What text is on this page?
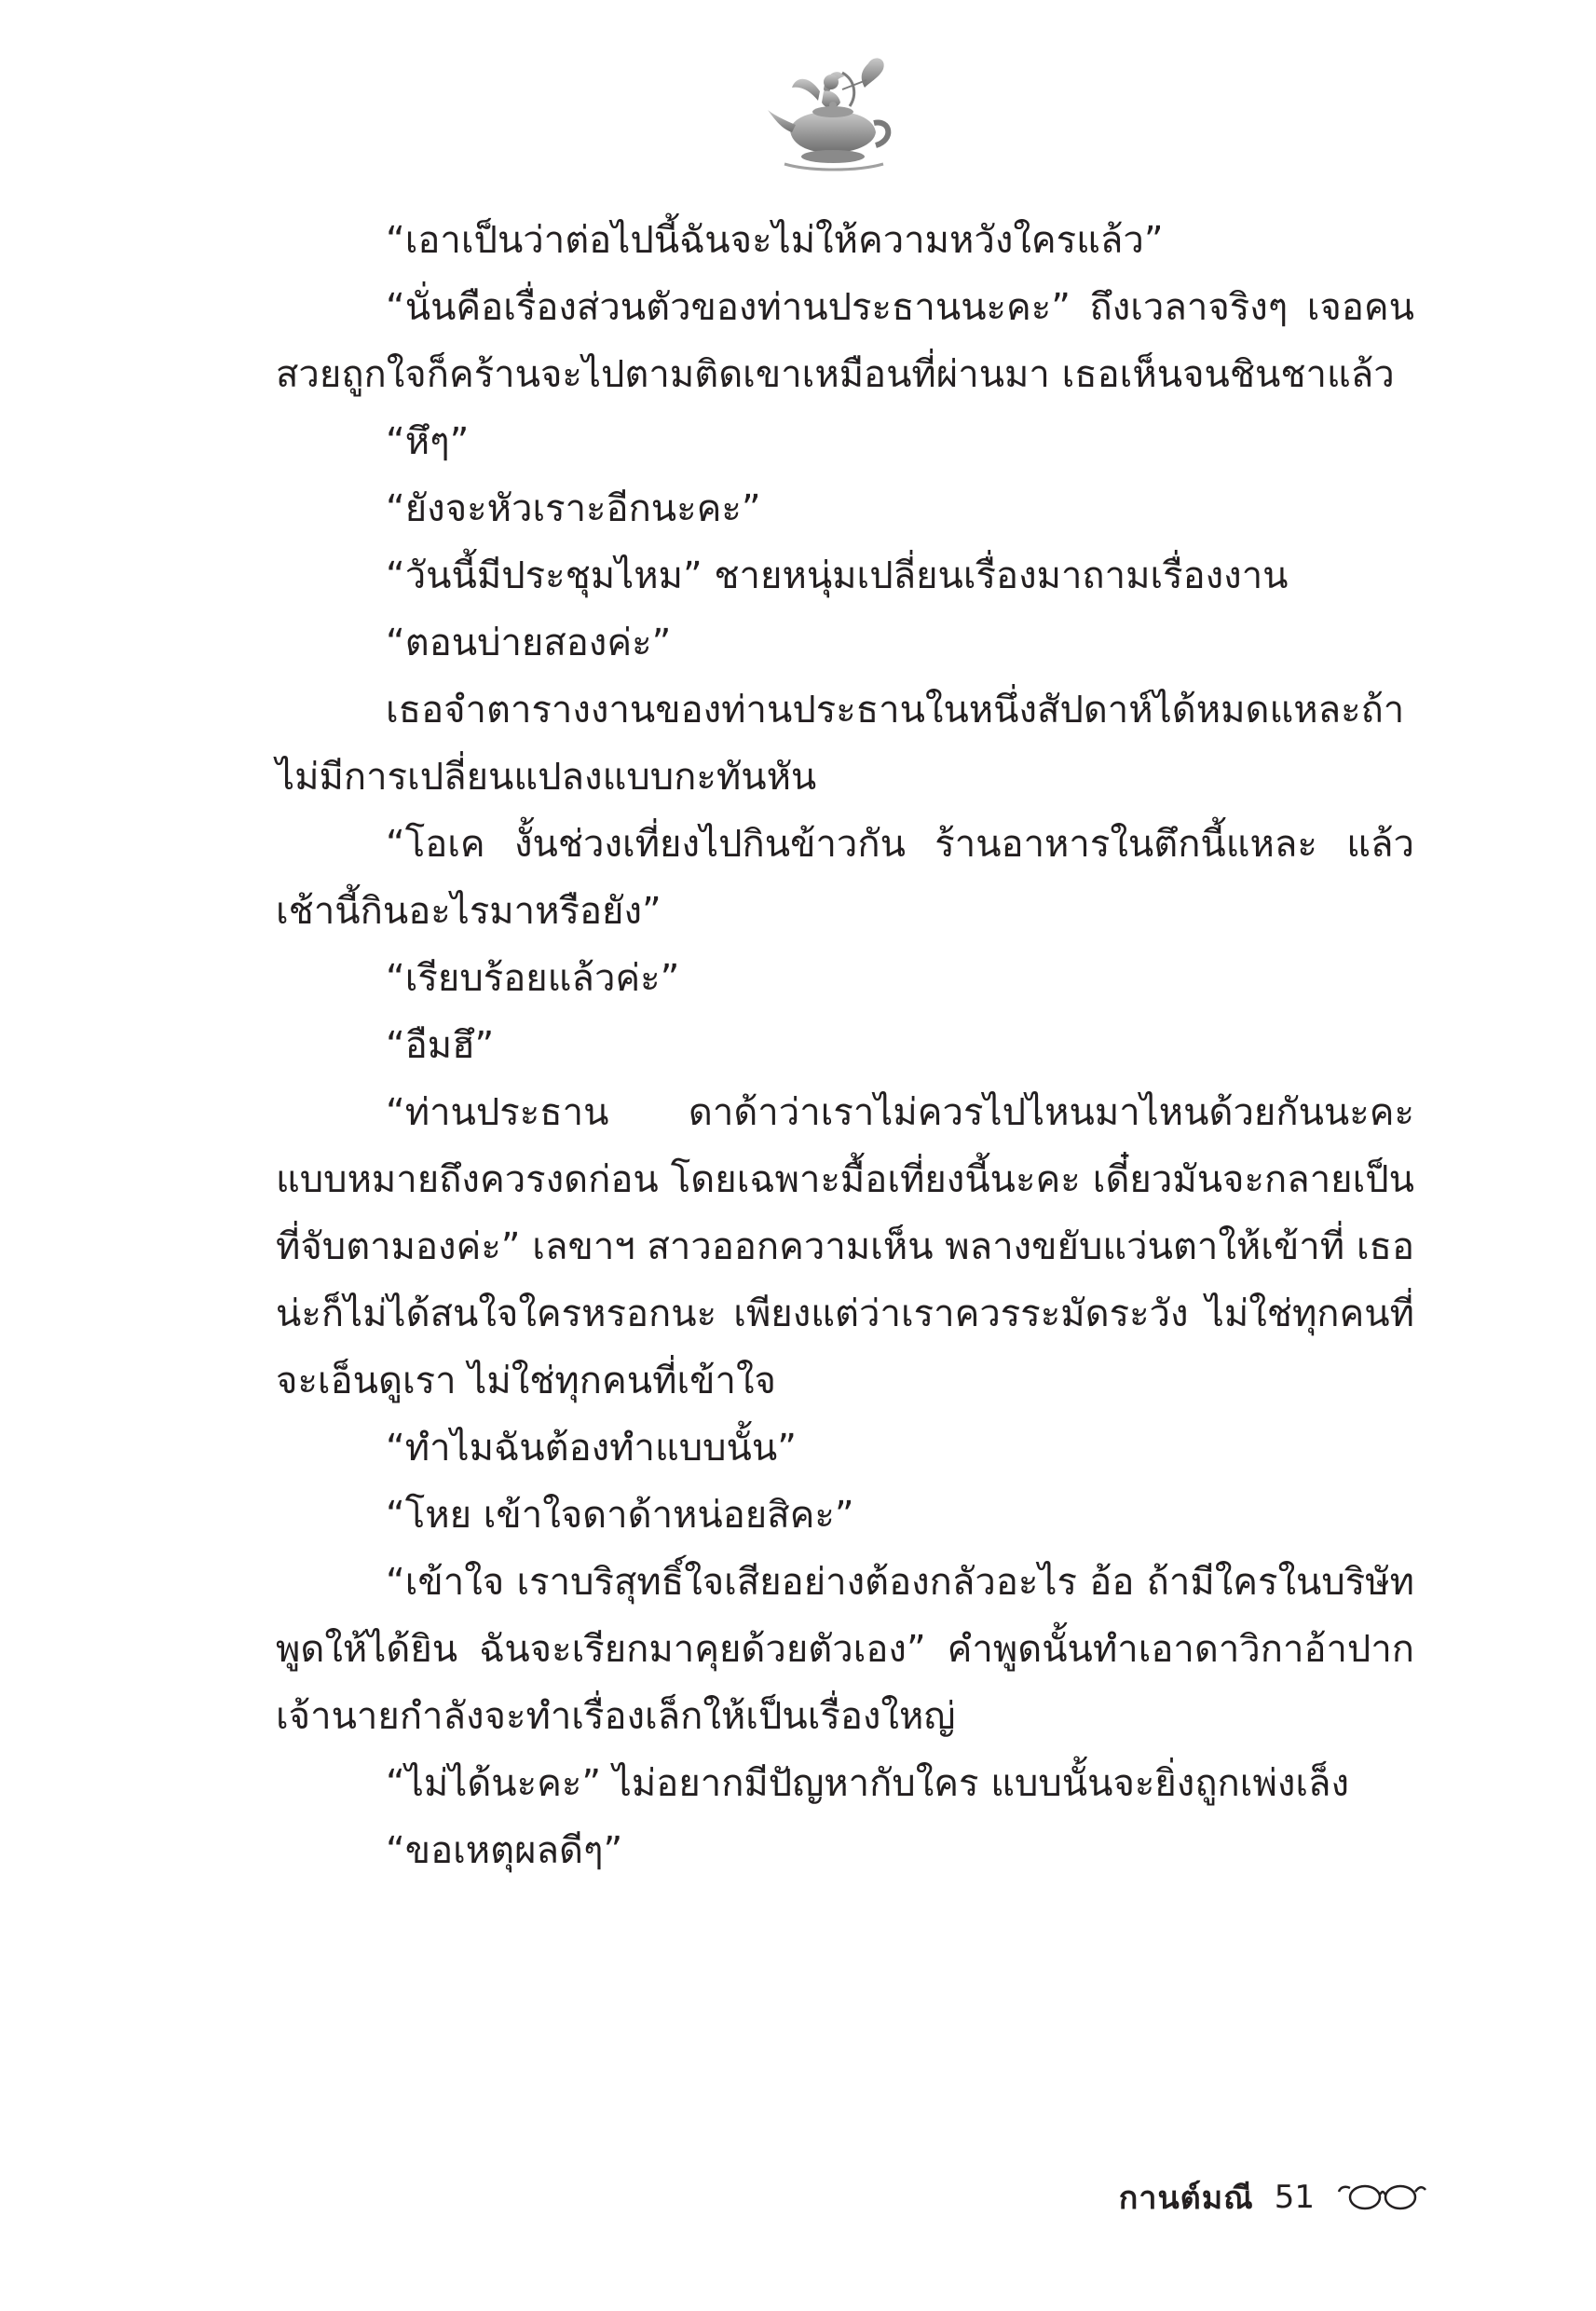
“เอาเป็นว่าต่อไปนี้ฉันจะไม่ให้ความหวังใครแล้ว”

“นั่นคือเรื่องส่วนตัวของท่านประธานนะคะ” ถึงเวลาจริงๆ เจอคนสวยถูกใจก็คร้านจะไปตามติดเขาเหมือนที่ผ่านมา เธอเห็นจนชินชาแล้ว

“หึๆ”

“ยังจะหัวเราะอีกนะคะ”

“วันนี้มีประชุมไหม” ชายหนุ่มเปลี่ยนเรื่องมาถามเรื่องงาน

“ตอนบ่ายสองค่ะ”

เธอจำตารางงานของท่านประธานในหนึ่งสัปดาห์ได้หมดแหละถ้าไม่มีการเปลี่ยนแปลงแบบกะทันหัน

“โอเค งั้นช่วงเที่ยงไปกินข้าวกัน ร้านอาหารในตึกนี้แหละ แล้วเช้านี้กินอะไรมาหรือยัง”

“เรียบร้อยแล้วค่ะ”

“อืมฮึ”

“ท่านประธาน ดาด้าว่าเราไม่ควรไปไหนมาไหนด้วยกันนะคะ แบบหมายถึงควรงดก่อน โดยเฉพาะมื้อเที่ยงนี้นะคะ เดี๋ยวมันจะกลายเป็นที่จับตามองค่ะ” เลขาฯ สาวออกความเห็น พลางขยับแว่นตาให้เข้าที่ เธอน่ะก็ไม่ได้สนใจใครหรอกนะ เพียงแต่ว่าเราควรระมัดระวัง ไม่ใช่ทุกคนที่จะเอ็นดูเรา ไม่ใช่ทุกคนที่เข้าใจ

“ทำไมฉันต้องทำแบบนั้น”

“โหย เข้าใจดาด้าหน่อยสิคะ”

“เข้าใจ เราบริสุทธิ์ใจเสียอย่างต้องกลัวอะไร อ้อ ถ้ามีใครในบริษัทพูดให้ได้ยิน ฉันจะเรียกมาคุยด้วยตัวเอง” คำพูดนั้นทำเอาดาวิกาอ้าปากเจ้านายกำลังจะทำเรื่องเล็กให้เป็นเรื่องใหญ่

“ไม่ได้นะคะ” ไม่อยากมีปัญหากับใคร แบบนั้นจะยิ่งถูกเพ่งเล็ง

“ขอเหตุผลดีๆ”

กานต์มณี 51
